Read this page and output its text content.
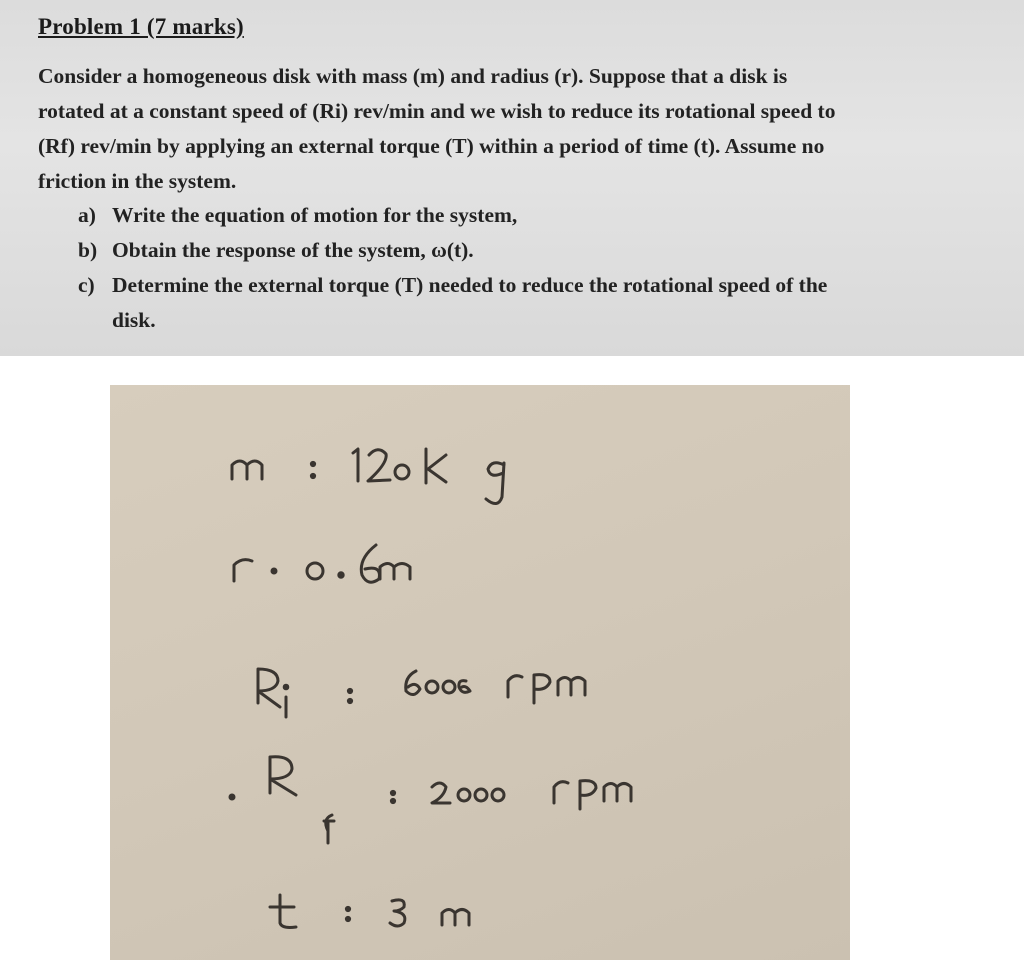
Problem 1 (7 marks)
Consider a homogeneous disk with mass (m) and radius (r). Suppose that a disk is
rotated at a constant speed of (Ri) rev/min and we wish to reduce its rotational speed to
(Rf) rev/min by applying an external torque (T) within a period of time (t). Assume no
friction in the system.
a) Write the equation of motion for the system,
b) Obtain the response of the system, ω(t).
c) Determine the external torque (T) needed to reduce the rotational speed of the
disk.
